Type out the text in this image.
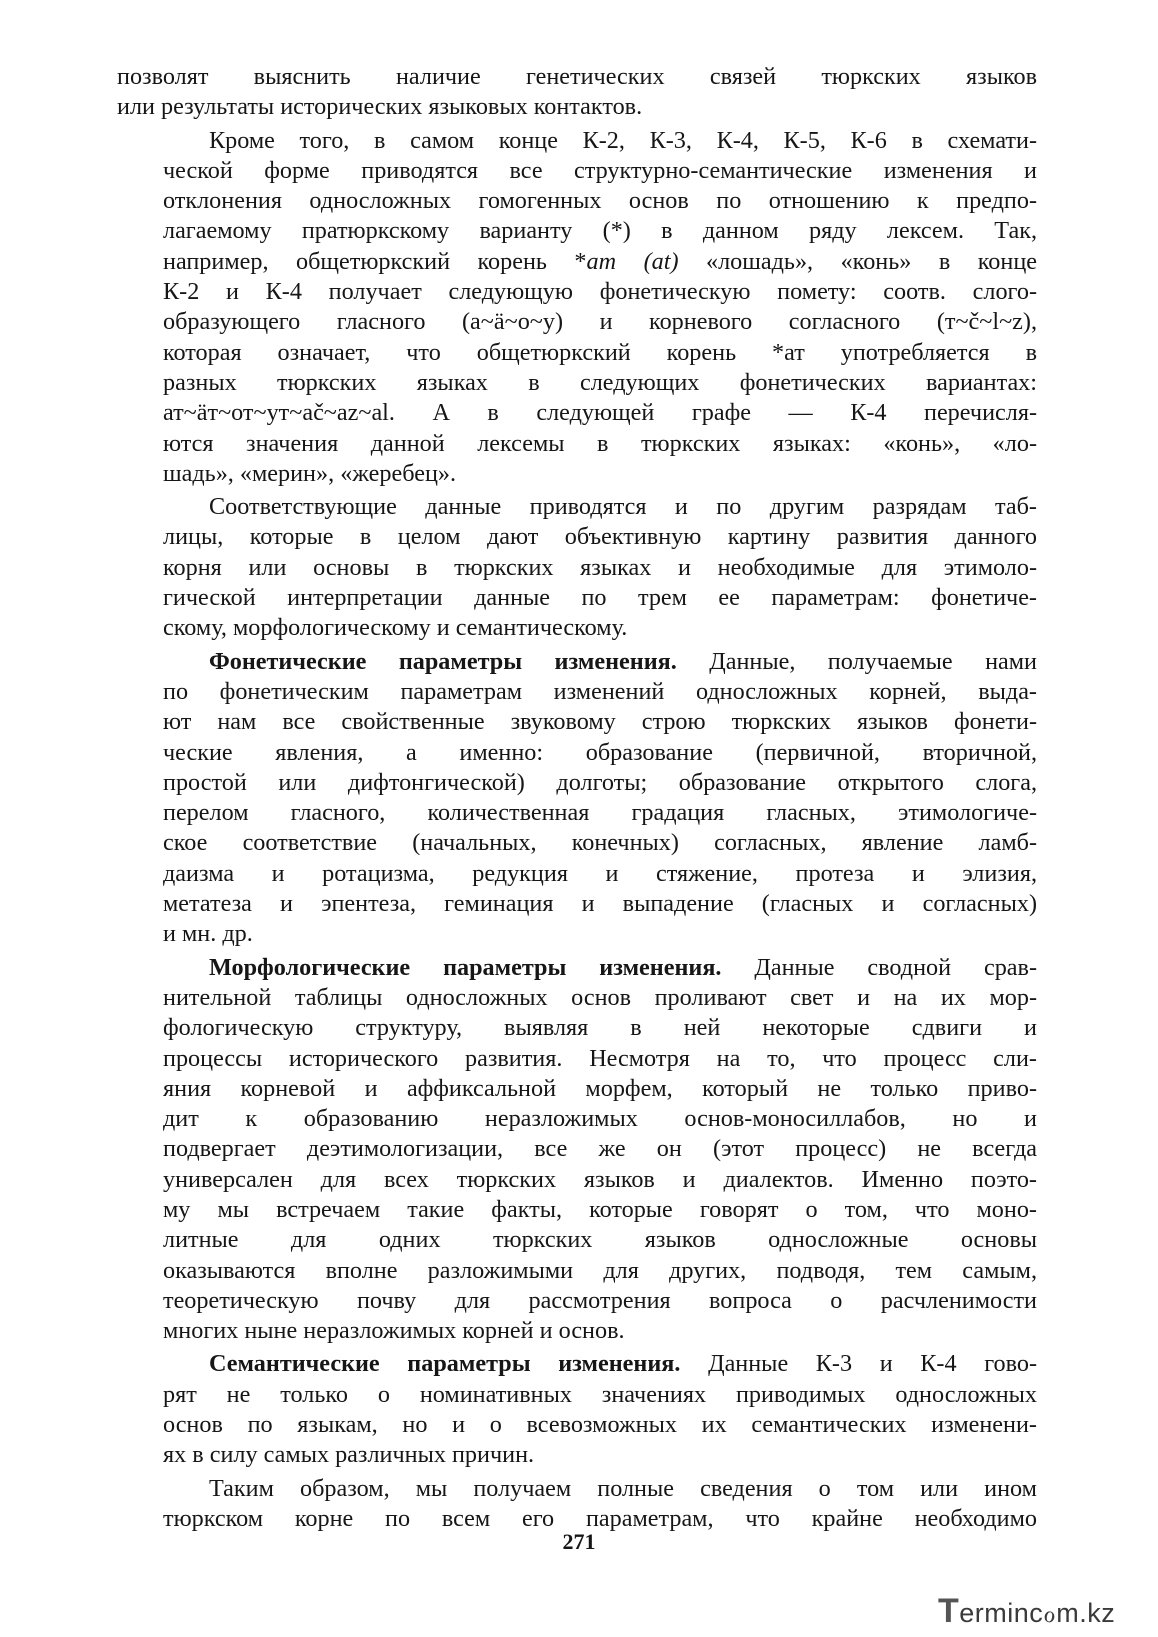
позволят выяснить наличие генетических связей тюркских языков
или результаты исторических языковых контактов.
Кроме того, в самом конце К-2, К-3, К-4, К-5, К-6 в схемати-
ческой форме приводятся все структурно-семантические изменения и
отклонения односложных гомогенных основ по отношению к предпо-
лагаемому пратюркскому варианту (*) в данном ряду лексем. Так,
например, общетюркский корень *am (at) «лошадь», «конь» в конце
К-2 и К-4 получает следующую фонетическую помету: соотв. слого-
образующего гласного (а~ä~о~у) и корневого согласного (т~č~l~z),
которая означает, что общетюркский корень *ат употребляется в
разных тюркских языках в следующих фонетических вариантах:
ат~äт~от~ут~ač~az~al. А в следующей графе — К-4 перечисля-
ются значения данной лексемы в тюркских языках: «конь», «ло-
шадь», «мерин», «жеребец».
Соответствующие данные приводятся и по другим разрядам таб-
лицы, которые в целом дают объективную картину развития данного
корня или основы в тюркских языках и необходимые для этимоло-
гической интерпретации данные по трем ее параметрам: фонетиче-
скому, морфологическому и семантическому.
Фонетические параметры изменения. Данные, получаемые нами
по фонетическим параметрам изменений односложных корней, выда-
ют нам все свойственные звуковому строю тюркских языков фонети-
ческие явления, а именно: образование (первичной, вторичной,
простой или дифтонгической) долготы; образование открытого слога,
перелом гласного, количественная градация гласных, этимологиче-
ское соответствие (начальных, конечных) согласных, явление ламб-
даизма и ротацизма, редукция и стяжение, протеза и элизия,
метатеза и эпентеза, геминация и выпадение (гласных и согласных)
и мн. др.
Морфологические параметры изменения. Данные сводной срав-
нительной таблицы односложных основ проливают свет и на их мор-
фологическую структуру, выявляя в ней некоторые сдвиги и
процессы исторического развития. Несмотря на то, что процесс сли-
яния корневой и аффиксальной морфем, который не только приво-
дит к образованию неразложимых основ-моносиллабов, но и
подвергает деэтимологизации, все же он (этот процесс) не всегда
универсален для всех тюркских языков и диалектов. Именно поэто-
му мы встречаем такие факты, которые говорят о том, что моно-
литные для одних тюркских языков односложные основы
оказываются вполне разложимыми для других, подводя, тем самым,
теоретическую почву для рассмотрения вопроса о расчленимости
многих ныне неразложимых корней и основ.
Семантические параметры изменения. Данные К-3 и К-4 гово-
рят не только о номинативных значениях приводимых односложных
основ по языкам, но и о всевозможных их семантических изменени-
ях в силу самых различных причин.
Таким образом, мы получаем полные сведения о том или ином
тюркском корне по всем его параметрам, что крайне необходимо
271
Termincℴm.kz
